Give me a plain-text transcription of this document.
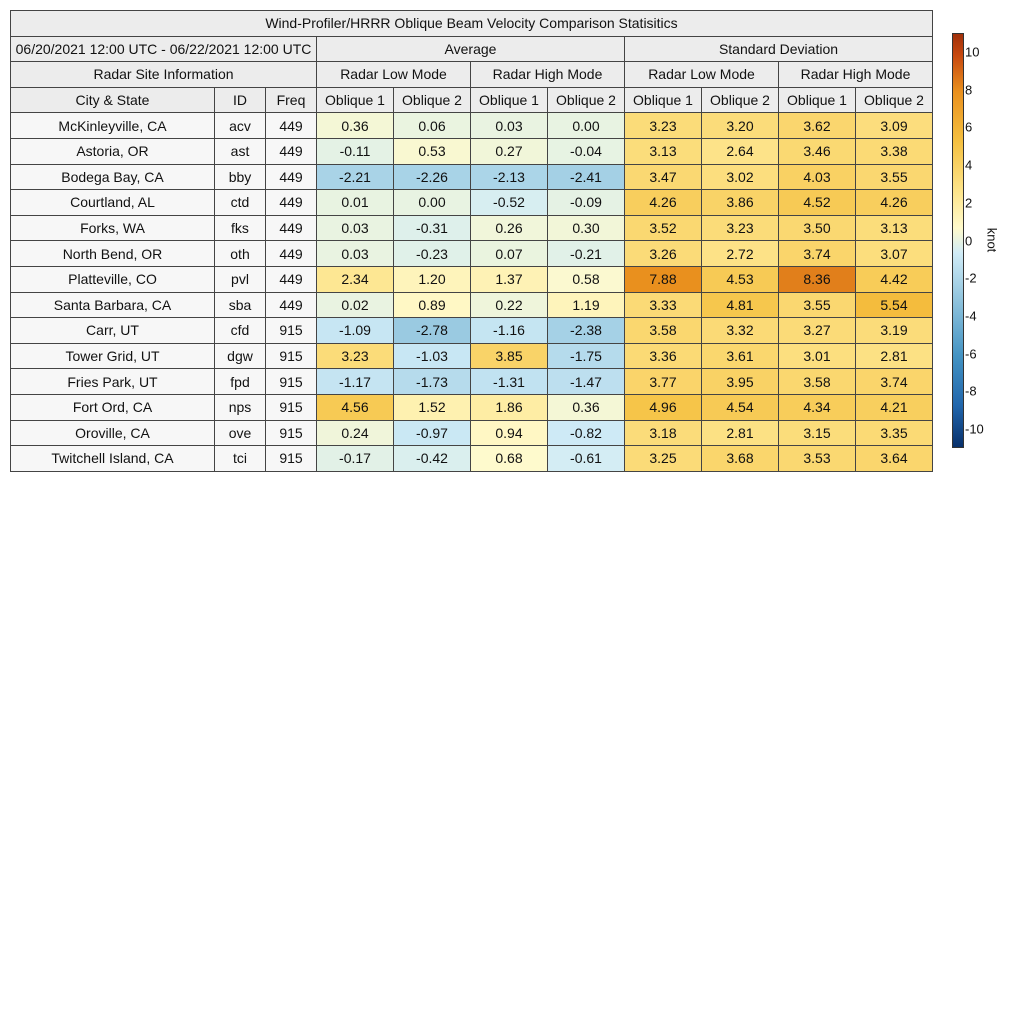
Wind-Profiler/HRRR Oblique Beam Velocity Comparison Statisitics										
06/20/2021 12:00 UTC - 06/22/2021 12:00 UTC			Average				Standard Deviation			
Radar Site Information			Radar Low Mode		Radar High Mode		Radar Low Mode		Radar High Mode	
City & State	ID	Freq	Oblique 1	Oblique 2	Oblique 1	Oblique 2	Oblique 1	Oblique 2	Oblique 1	Oblique 2
McKinleyville, CA	acv	449	0.36	0.06	0.03	0.00	3.23	3.20	3.62	3.09
Astoria, OR	ast	449	-0.11	0.53	0.27	-0.04	3.13	2.64	3.46	3.38
Bodega Bay, CA	bby	449	-2.21	-2.26	-2.13	-2.41	3.47	3.02	4.03	3.55
Courtland, AL	ctd	449	0.01	0.00	-0.52	-0.09	4.26	3.86	4.52	4.26
Forks, WA	fks	449	0.03	-0.31	0.26	0.30	3.52	3.23	3.50	3.13
North Bend, OR	oth	449	0.03	-0.23	0.07	-0.21	3.26	2.72	3.74	3.07
Platteville, CO	pvl	449	2.34	1.20	1.37	0.58	7.88	4.53	8.36	4.42
Santa Barbara, CA	sba	449	0.02	0.89	0.22	1.19	3.33	4.81	3.55	5.54
Carr, UT	cfd	915	-1.09	-2.78	-1.16	-2.38	3.58	3.32	3.27	3.19
Tower Grid, UT	dgw	915	3.23	-1.03	3.85	-1.75	3.36	3.61	3.01	2.81
Fries Park, UT	fpd	915	-1.17	-1.73	-1.31	-1.47	3.77	3.95	3.58	3.74
Fort Ord, CA	nps	915	4.56	1.52	1.86	0.36	4.96	4.54	4.34	4.21
Oroville, CA	ove	915	0.24	-0.97	0.94	-0.82	3.18	2.81	3.15	3.35
Twitchell Island, CA	tci	915	-0.17	-0.42	0.68	-0.61	3.25	3.68	3.53	3.64
10
8
6
4
2
0
-2
-4
-6
-8
-10
knot
